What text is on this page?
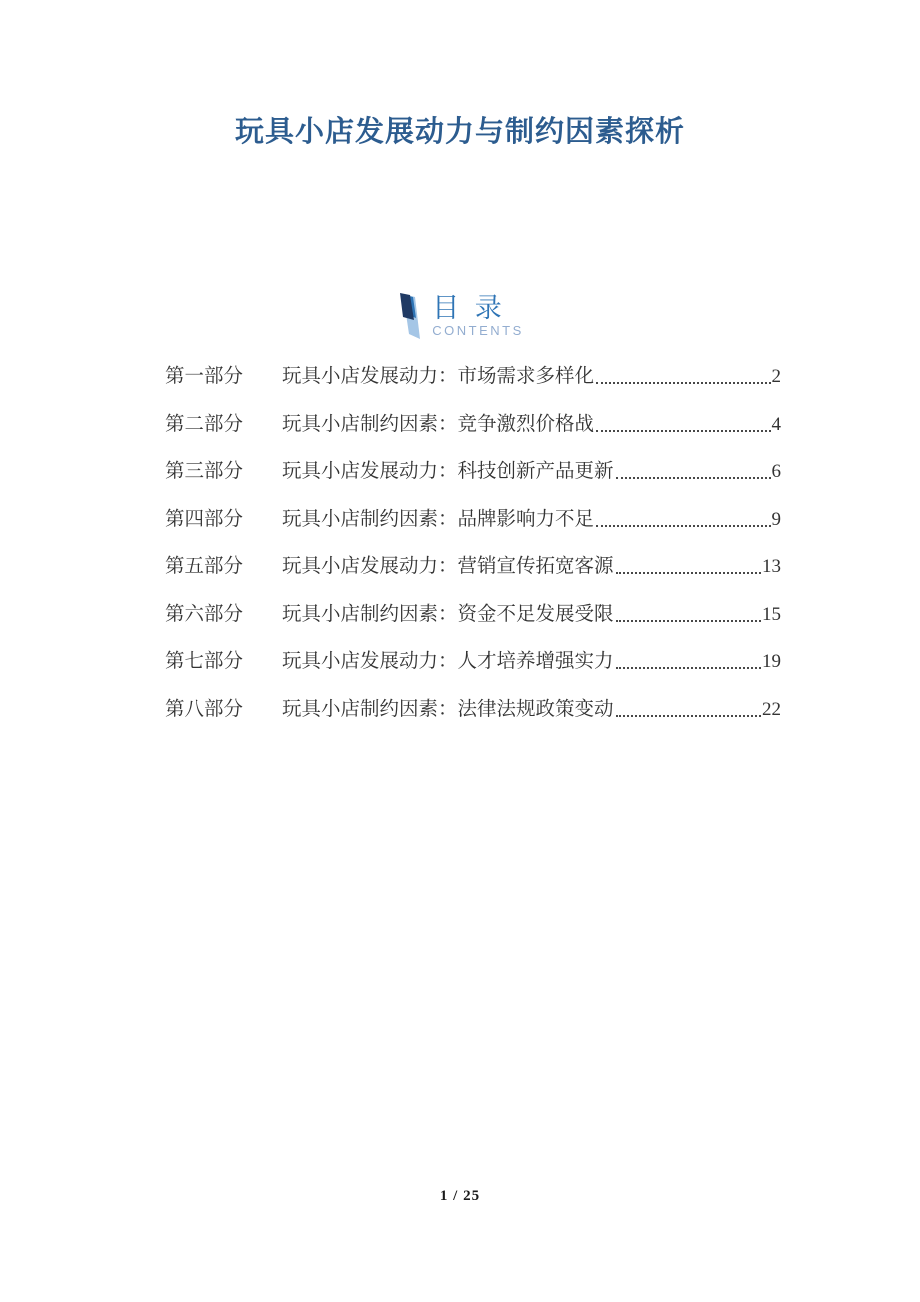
玩具小店发展动力与制约因素探析
目 录
CONTENTS
第一部分	玩具小店发展动力：市场需求多样化	2
第二部分	玩具小店制约因素：竞争激烈价格战	4
第三部分	玩具小店发展动力：科技创新产品更新	6
第四部分	玩具小店制约因素：品牌影响力不足	9
第五部分	玩具小店发展动力：营销宣传拓宽客源	13
第六部分	玩具小店制约因素：资金不足发展受限	15
第七部分	玩具小店发展动力：人才培养增强实力	19
第八部分	玩具小店制约因素：法律法规政策变动	22
1 / 25
